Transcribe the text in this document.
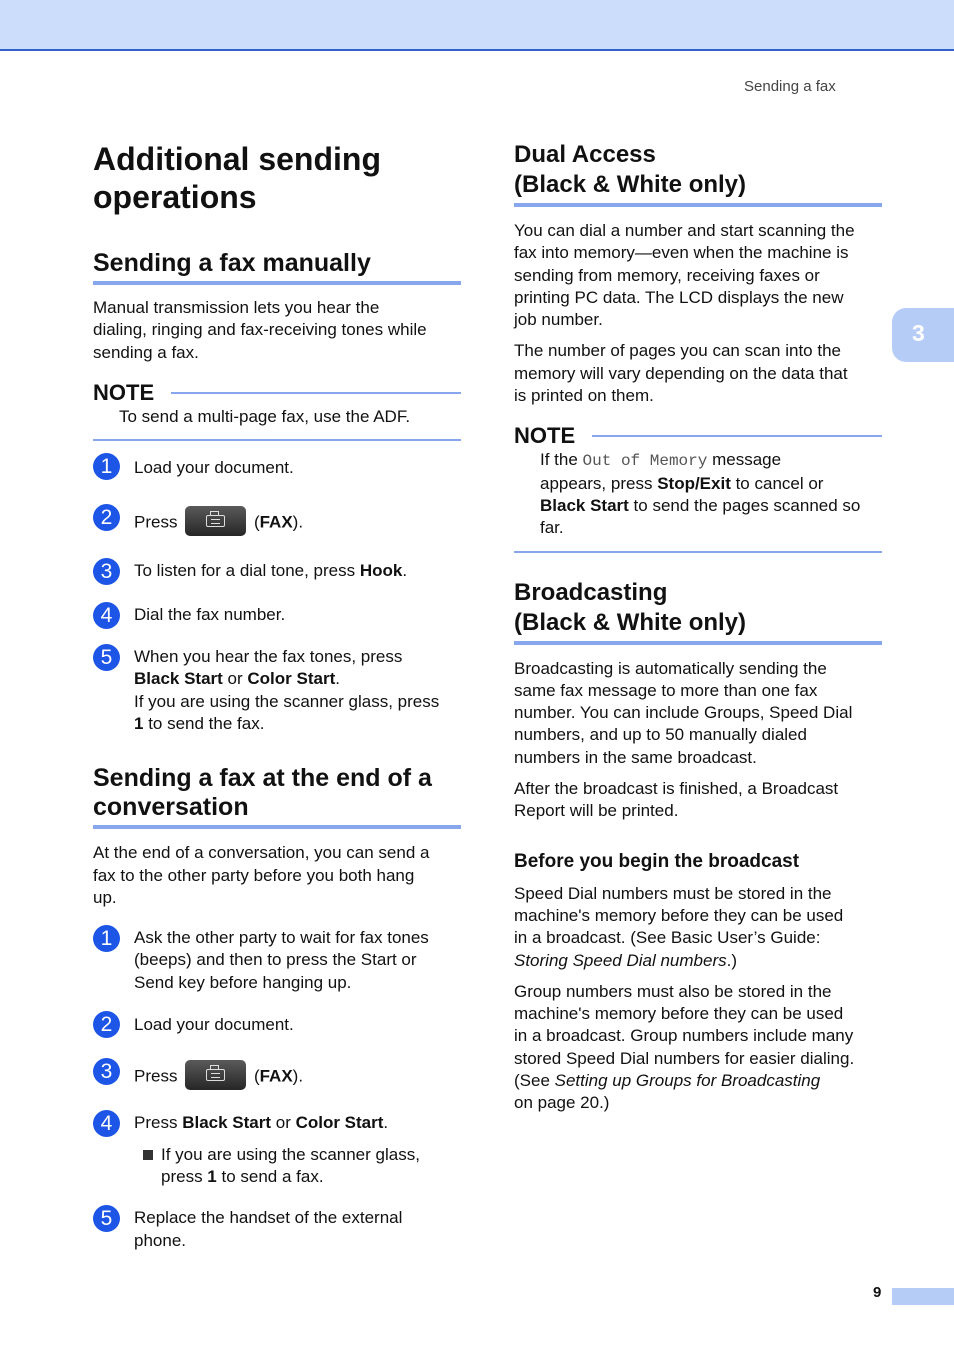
Sending a fax
3
Additional sending
operations
Sending a fax manually

Manual transmission lets you hear the
dialing, ringing and fax-receiving tones while
sending a fax.

NOTE

To send a multi-page fax, use the ADF.

1	Load your document.

2	Press	(FAX).

3	To listen for a dial tone, press Hook.

4	Dial the fax number.

5	When you hear the fax tones, press
Black Start or Color Start.
If you are using the scanner glass, press
1 to send the fax.

Sending a fax at the end of a
conversation

At the end of a conversation, you can send a
fax to the other party before you both hang
up.

1	Ask the other party to wait for fax tones
(beeps) and then to press the Start or
Send key before hanging up.

2	Load your document.

3	Press	(FAX).

4	Press Black Start or Color Start.

If you are using the scanner glass,
press 1 to send a fax.

5	Replace the handset of the external
phone.

Dual Access
(Black & White only)

You can dial a number and start scanning the
fax into memory—even when the machine is
sending from memory, receiving faxes or
printing PC data. The LCD displays the new
job number.

The number of pages you can scan into the
memory will vary depending on the data that
is printed on them.

NOTE

If the Out of Memory message
appears, press Stop/Exit to cancel or
Black Start to send the pages scanned so
far.

Broadcasting
(Black & White only)

Broadcasting is automatically sending the
same fax message to more than one fax
number. You can include Groups, Speed Dial
numbers, and up to 50 manually dialed
numbers in the same broadcast.

After the broadcast is finished, a Broadcast
Report will be printed.

Before you begin the broadcast

Speed Dial numbers must be stored in the
machine's memory before they can be used
in a broadcast. (See Basic User’s Guide:
Storing Speed Dial numbers.)

Group numbers must also be stored in the
machine's memory before they can be used
in a broadcast. Group numbers include many
stored Speed Dial numbers for easier dialing.
(See Setting up Groups for Broadcasting
on page 20.)

9
